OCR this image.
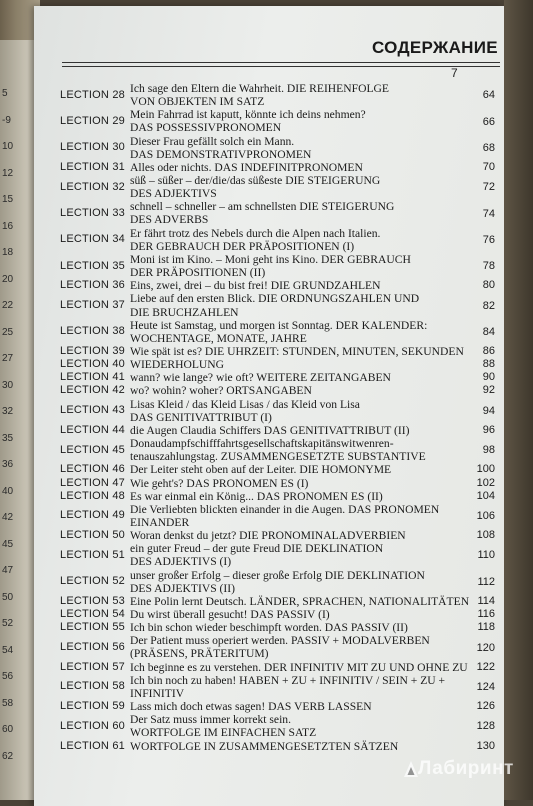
5
-9
10
12
15
16
18
20
22
25
27
30
32
35
36
40
42
45
47
50
52
54
56
58
60
62
СОДЕРЖАНИЕ
7
LECTION 28 Ich sage den Eltern die Wahrheit. DIE REIHENFOLGE
VON OBJEKTEN IM SATZ	64
LECTION 29 Mein Fahrrad ist kaputt, könnte ich deins nehmen?
DAS POSSESSIVPRONOMEN	66
LECTION 30 Dieser Frau gefällt solch ein Mann.
DAS DEMONSTRATIVPRONOMEN	68
LECTION 31 Alles oder nichts. DAS INDEFINITPRONOMEN	70
LECTION 32 süß – süßer – der/die/das süßeste DIE STEIGERUNG
DES ADJEKTIVS	72
LECTION 33 schnell – schneller – am schnellsten DIE STEIGERUNG
DES ADVERBS	74
LECTION 34 Er fährt trotz des Nebels durch die Alpen nach Italien.
DER GEBRAUCH DER PRÄPOSITIONEN (I)	76
LECTION 35 Moni ist im Kino. – Moni geht ins Kino. DER GEBRAUCH
DER PRÄPOSITIONEN (II)	78
LECTION 36 Eins, zwei, drei – du bist frei! DIE GRUNDZAHLEN	80
LECTION 37 Liebe auf den ersten Blick. DIE ORDNUNGSZAHLEN UND
DIE BRUCHZAHLEN	82
LECTION 38 Heute ist Samstag, und morgen ist Sonntag. DER KALENDER:
WOCHENTAGE, MONATE, JAHRE	84
LECTION 39 Wie spät ist es? DIE UHRZEIT: STUNDEN, MINUTEN, SEKUNDEN	86
LECTION 40 WIEDERHOLUNG	88
LECTION 41 wann? wie lange? wie oft? WEITERE ZEITANGABEN	90
LECTION 42 wo? wohin? woher? ORTSANGABEN	92
LECTION 43 Lisas Kleid / das Kleid Lisas / das Kleid von Lisa
DAS GENITIVATTRIBUT (I)	94
LECTION 44 die Augen Claudia Schiffers DAS GENITIVATTRIBUT (II)	96
LECTION 45 Donaudampfschifffahrtsgesellschaftskapitänswitwenren-
tenauszahlungstag. ZUSAMMENGESETZTE SUBSTANTIVE	98
LECTION 46 Der Leiter steht oben auf der Leiter. DIE HOMONYME	100
LECTION 47 Wie geht's? DAS PRONOMEN ES (I)	102
LECTION 48 Es war einmal ein König... DAS PRONOMEN ES (II)	104
LECTION 49 Die Verliebten blickten einander in die Augen. DAS PRONOMEN
EINANDER	106
LECTION 50 Woran denkst du jetzt? DIE PRONOMINALADVERBIEN	108
LECTION 51 ein guter Freud – der gute Freud DIE DEKLINATION
DES ADJEKTIVS (I)	110
LECTION 52 unser großer Erfolg – dieser große Erfolg DIE DEKLINATION
DES ADJEKTIVS (II)	112
LECTION 53 Eine Polin lernt Deutsch. LÄNDER, SPRACHEN, NATIONALITÄTEN 114
LECTION 54 Du wirst überall gesucht! DAS PASSIV (I)	116
LECTION 55 Ich bin schon wieder beschimpft worden. DAS PASSIV (II)	118
LECTION 56 Der Patient muss operiert werden. PASSIV + MODALVERBEN
(PRÄSENS, PRÄTERITUM)	120
LECTION 57 Ich beginne es zu verstehen. DER INFINITIV MIT ZU UND OHNE ZU 122
LECTION 58 Ich bin noch zu haben! HABEN + ZU + INFINITIV / SEIN + ZU +
INFINITIV	124
LECTION 59 Lass mich doch etwas sagen! DAS VERB LASSEN	126
LECTION 60 Der Satz muss immer korrekt sein.
WORTFOLGE IM EINFACHEN SATZ	128
LECTION 61 WORTFOLGE IN ZUSAMMENGESETZTEN SÄTZEN	130
Лабиринт
